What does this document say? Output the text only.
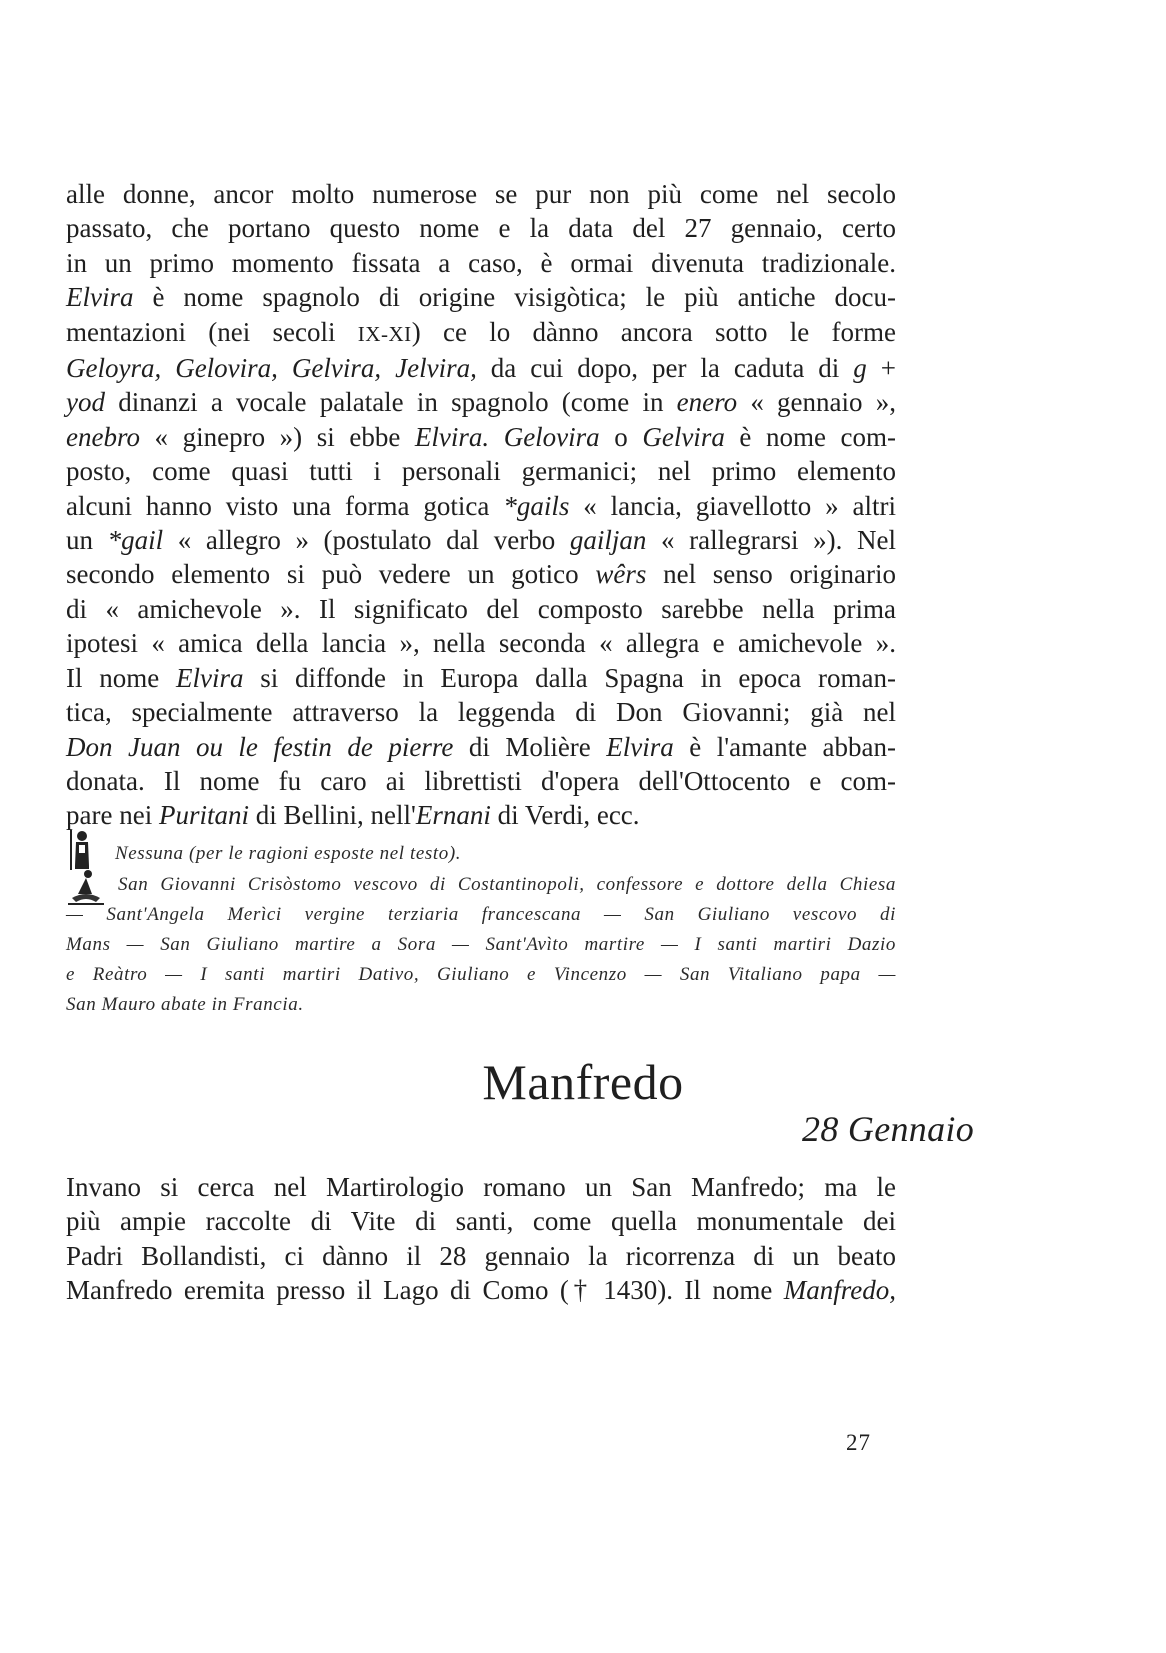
alle donne, ancor molto numerose se pur non più come nel secolo
passato, che portano questo nome e la data del 27 gennaio, certo
in un primo momento fissata a caso, è ormai divenuta tradizionale.
Elvira è nome spagnolo di origine visigòtica; le più antiche docu-
mentazioni (nei secoli IX-XI) ce lo dànno ancora sotto le forme
Geloyra, Gelovira, Gelvira, Jelvira, da cui dopo, per la caduta di g +
yod dinanzi a vocale palatale in spagnolo (come in enero « gennaio »,
enebro « ginepro ») si ebbe Elvira. Gelovira o Gelvira è nome com-
posto, come quasi tutti i personali germanici; nel primo elemento
alcuni hanno visto una forma gotica *gails « lancia, giavellotto » altri
un *gail « allegro » (postulato dal verbo gailjan « rallegrarsi »). Nel
secondo elemento si può vedere un gotico wêrs nel senso originario
di « amichevole ». Il significato del composto sarebbe nella prima
ipotesi « amica della lancia », nella seconda « allegra e amichevole ».
Il nome Elvira si diffonde in Europa dalla Spagna in epoca roman-
tica, specialmente attraverso la leggenda di Don Giovanni; già nel
Don Juan ou le festin de pierre di Molière Elvira è l'amante abban-
donata. Il nome fu caro ai librettisti d'opera dell'Ottocento e com-
pare nei Puritani di Bellini, nell'Ernani di Verdi, ecc.
Nessuna (per le ragioni esposte nel testo).
San Giovanni Crisòstomo vescovo di Costantinopoli, confessore e dottore della Chiesa
— Sant'Angela Merìci vergine terziaria francescana — San Giuliano vescovo di
Mans — San Giuliano martire a Sora — Sant'Avìto martire — I santi martiri Dazio
e Reàtro — I santi martiri Dativo, Giuliano e Vincenzo — San Vitaliano papa —
San Mauro abate in Francia.
Manfredo
28 Gennaio
Invano si cerca nel Martirologio romano un San Manfredo; ma le
più ampie raccolte di Vite di santi, come quella monumentale dei
Padri Bollandisti, ci dànno il 28 gennaio la ricorrenza di un beato
Manfredo eremita presso il Lago di Como († 1430). Il nome Manfredo,
27
